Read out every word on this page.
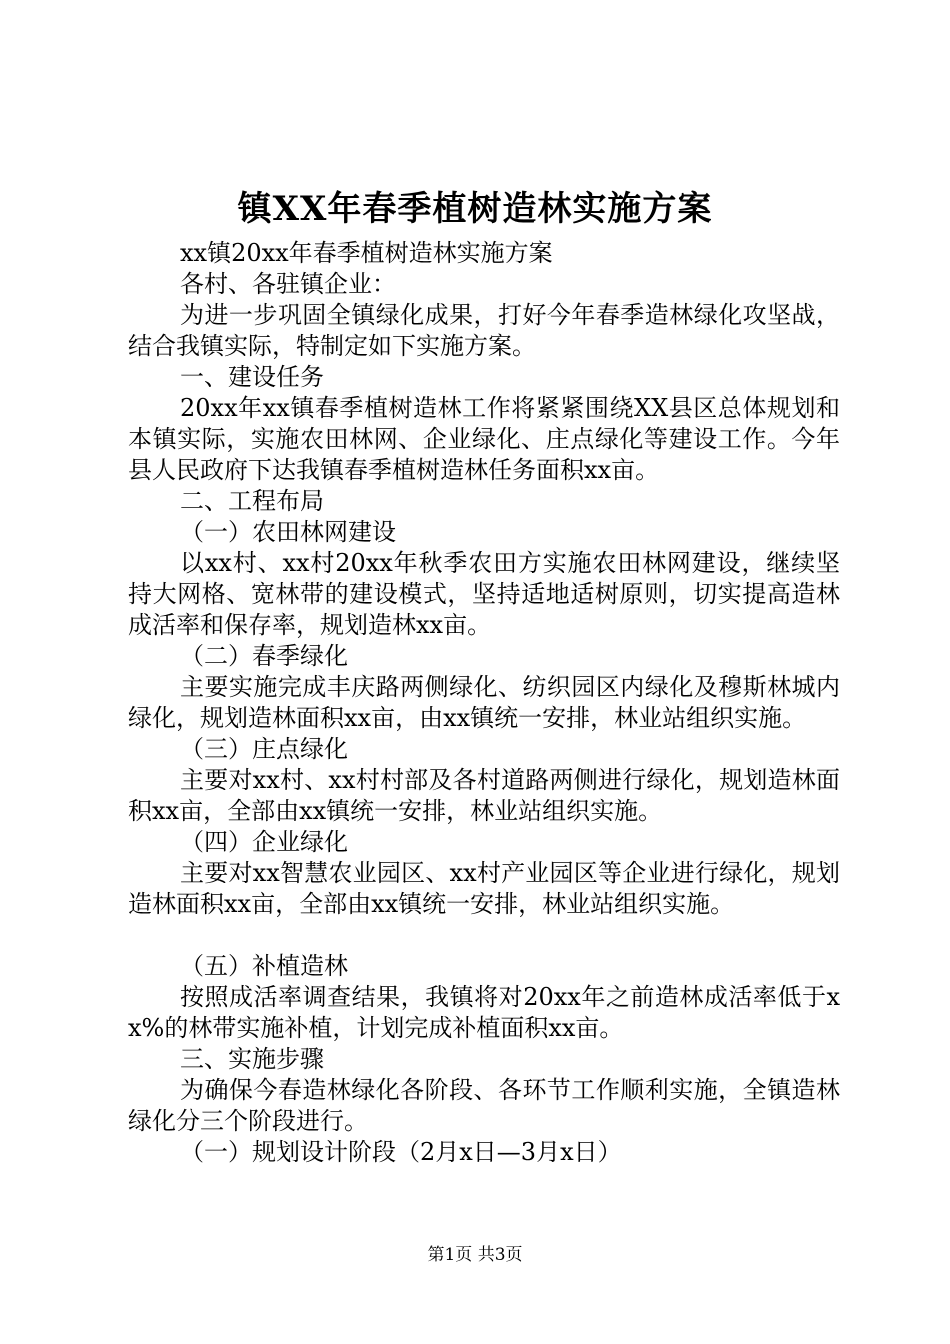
镇XX年春季植树造林实施方案

xx镇20xx年春季植树造林实施方案

各村、各驻镇企业：

为进一步巩固全镇绿化成果，打好今年春季造林绿化攻坚战，结合我镇实际，特制定如下实施方案。

一、建设任务

20xx年xx镇春季植树造林工作将紧紧围绕XX县区总体规划和本镇实际，实施农田林网、企业绿化、庄点绿化等建设工作。今年县人民政府下达我镇春季植树造林任务面积xx亩。

二、工程布局

（一）农田林网建设

以xx村、xx村20xx年秋季农田方实施农田林网建设，继续坚持大网格、宽林带的建设模式，坚持适地适树原则，切实提高造林成活率和保存率，规划造林xx亩。

（二）春季绿化

主要实施完成丰庆路两侧绿化、纺织园区内绿化及穆斯林城内绿化，规划造林面积xx亩，由xx镇统一安排，林业站组织实施。

（三）庄点绿化

主要对xx村、xx村村部及各村道路两侧进行绿化，规划造林面积xx亩，全部由xx镇统一安排，林业站组织实施。

（四）企业绿化

主要对xx智慧农业园区、xx村产业园区等企业进行绿化，规划造林面积xx亩，全部由xx镇统一安排，林业站组织实施。

（五）补植造林

按照成活率调查结果，我镇将对20xx年之前造林成活率低于xx%的林带实施补植，计划完成补植面积xx亩。

三、实施步骤

为确保今春造林绿化各阶段、各环节工作顺利实施，全镇造林绿化分三个阶段进行。

（一）规划设计阶段（2月x日—3月x日）

第1页 共3页
